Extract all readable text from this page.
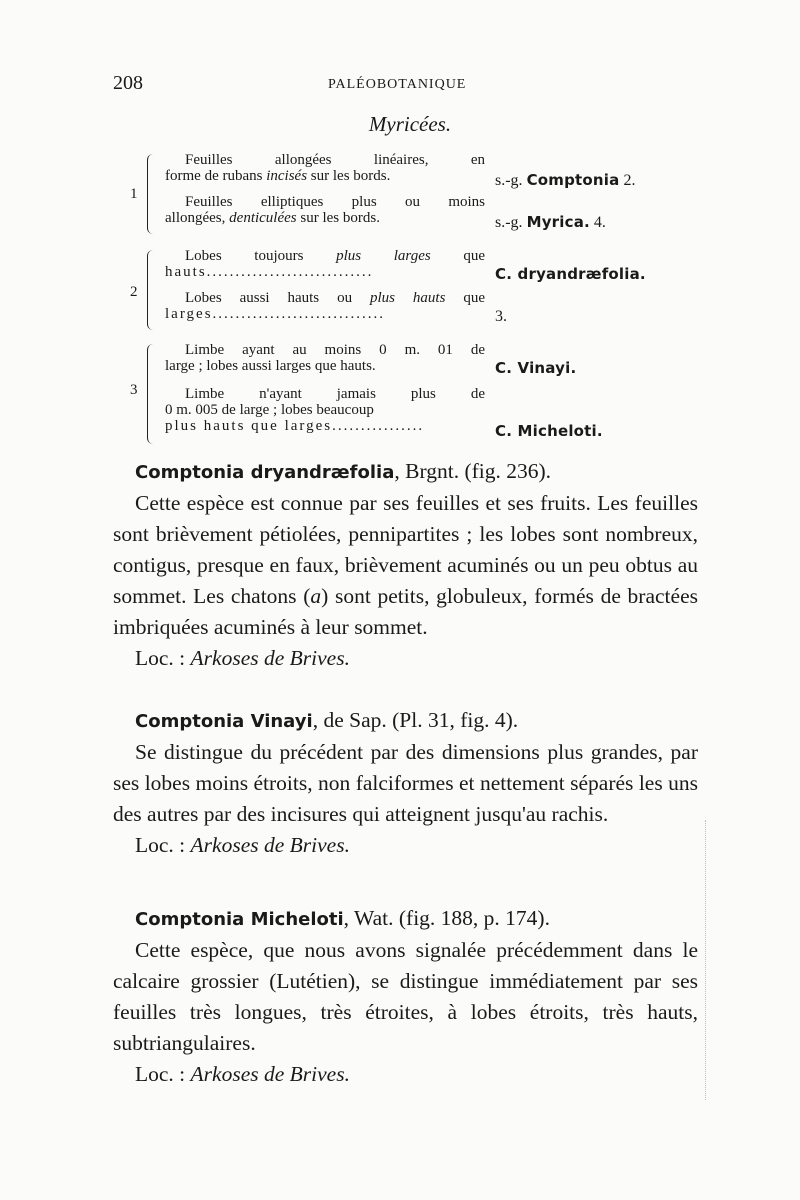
208	PALÉOBOTANIQUE
Myricées.
1
Feuilles allongées linéaires, en
forme de rubans incisés sur les bords.	s.-g. Comptonia 2.
Feuilles elliptiques plus ou moins
allongées, denticulées sur les bords.	s.-g. Myrica. 4.
2
Lobes toujours plus larges que
hauts.............................	C. dryandræfolia.
Lobes aussi hauts ou plus hauts que
larges..............................	3.
3
Limbe ayant au moins 0 m. 01 de
large ; lobes aussi larges que hauts.	C. Vinayi.
Limbe n'ayant jamais plus de
0 m. 005 de large ; lobes beaucoup
plus hauts que larges................	C. Micheloti.

Comptonia dryandræfolia, Brgnt. (fig. 236).

Cette espèce est connue par ses feuilles et ses fruits. Les feuilles sont brièvement pétiolées, pennipartites ; les lobes sont nombreux, contigus, presque en faux, brièvement acuminés ou un peu obtus au sommet. Les chatons (a) sont petits, globuleux, formés de bractées imbriquées acuminés à leur sommet.

Loc. : Arkoses de Brives.

Comptonia Vinayi, de Sap. (Pl. 31, fig. 4).

Se distingue du précédent par des dimensions plus grandes, par ses lobes moins étroits, non falciformes et nettement séparés les uns des autres par des incisures qui atteignent jusqu'au rachis.

Loc. : Arkoses de Brives.

Comptonia Micheloti, Wat. (fig. 188, p. 174).

Cette espèce, que nous avons signalée précédemment dans le calcaire grossier (Lutétien), se distingue immédiatement par ses feuilles très longues, très étroites, à lobes étroits, très hauts, subtriangulaires.

Loc. : Arkoses de Brives.
